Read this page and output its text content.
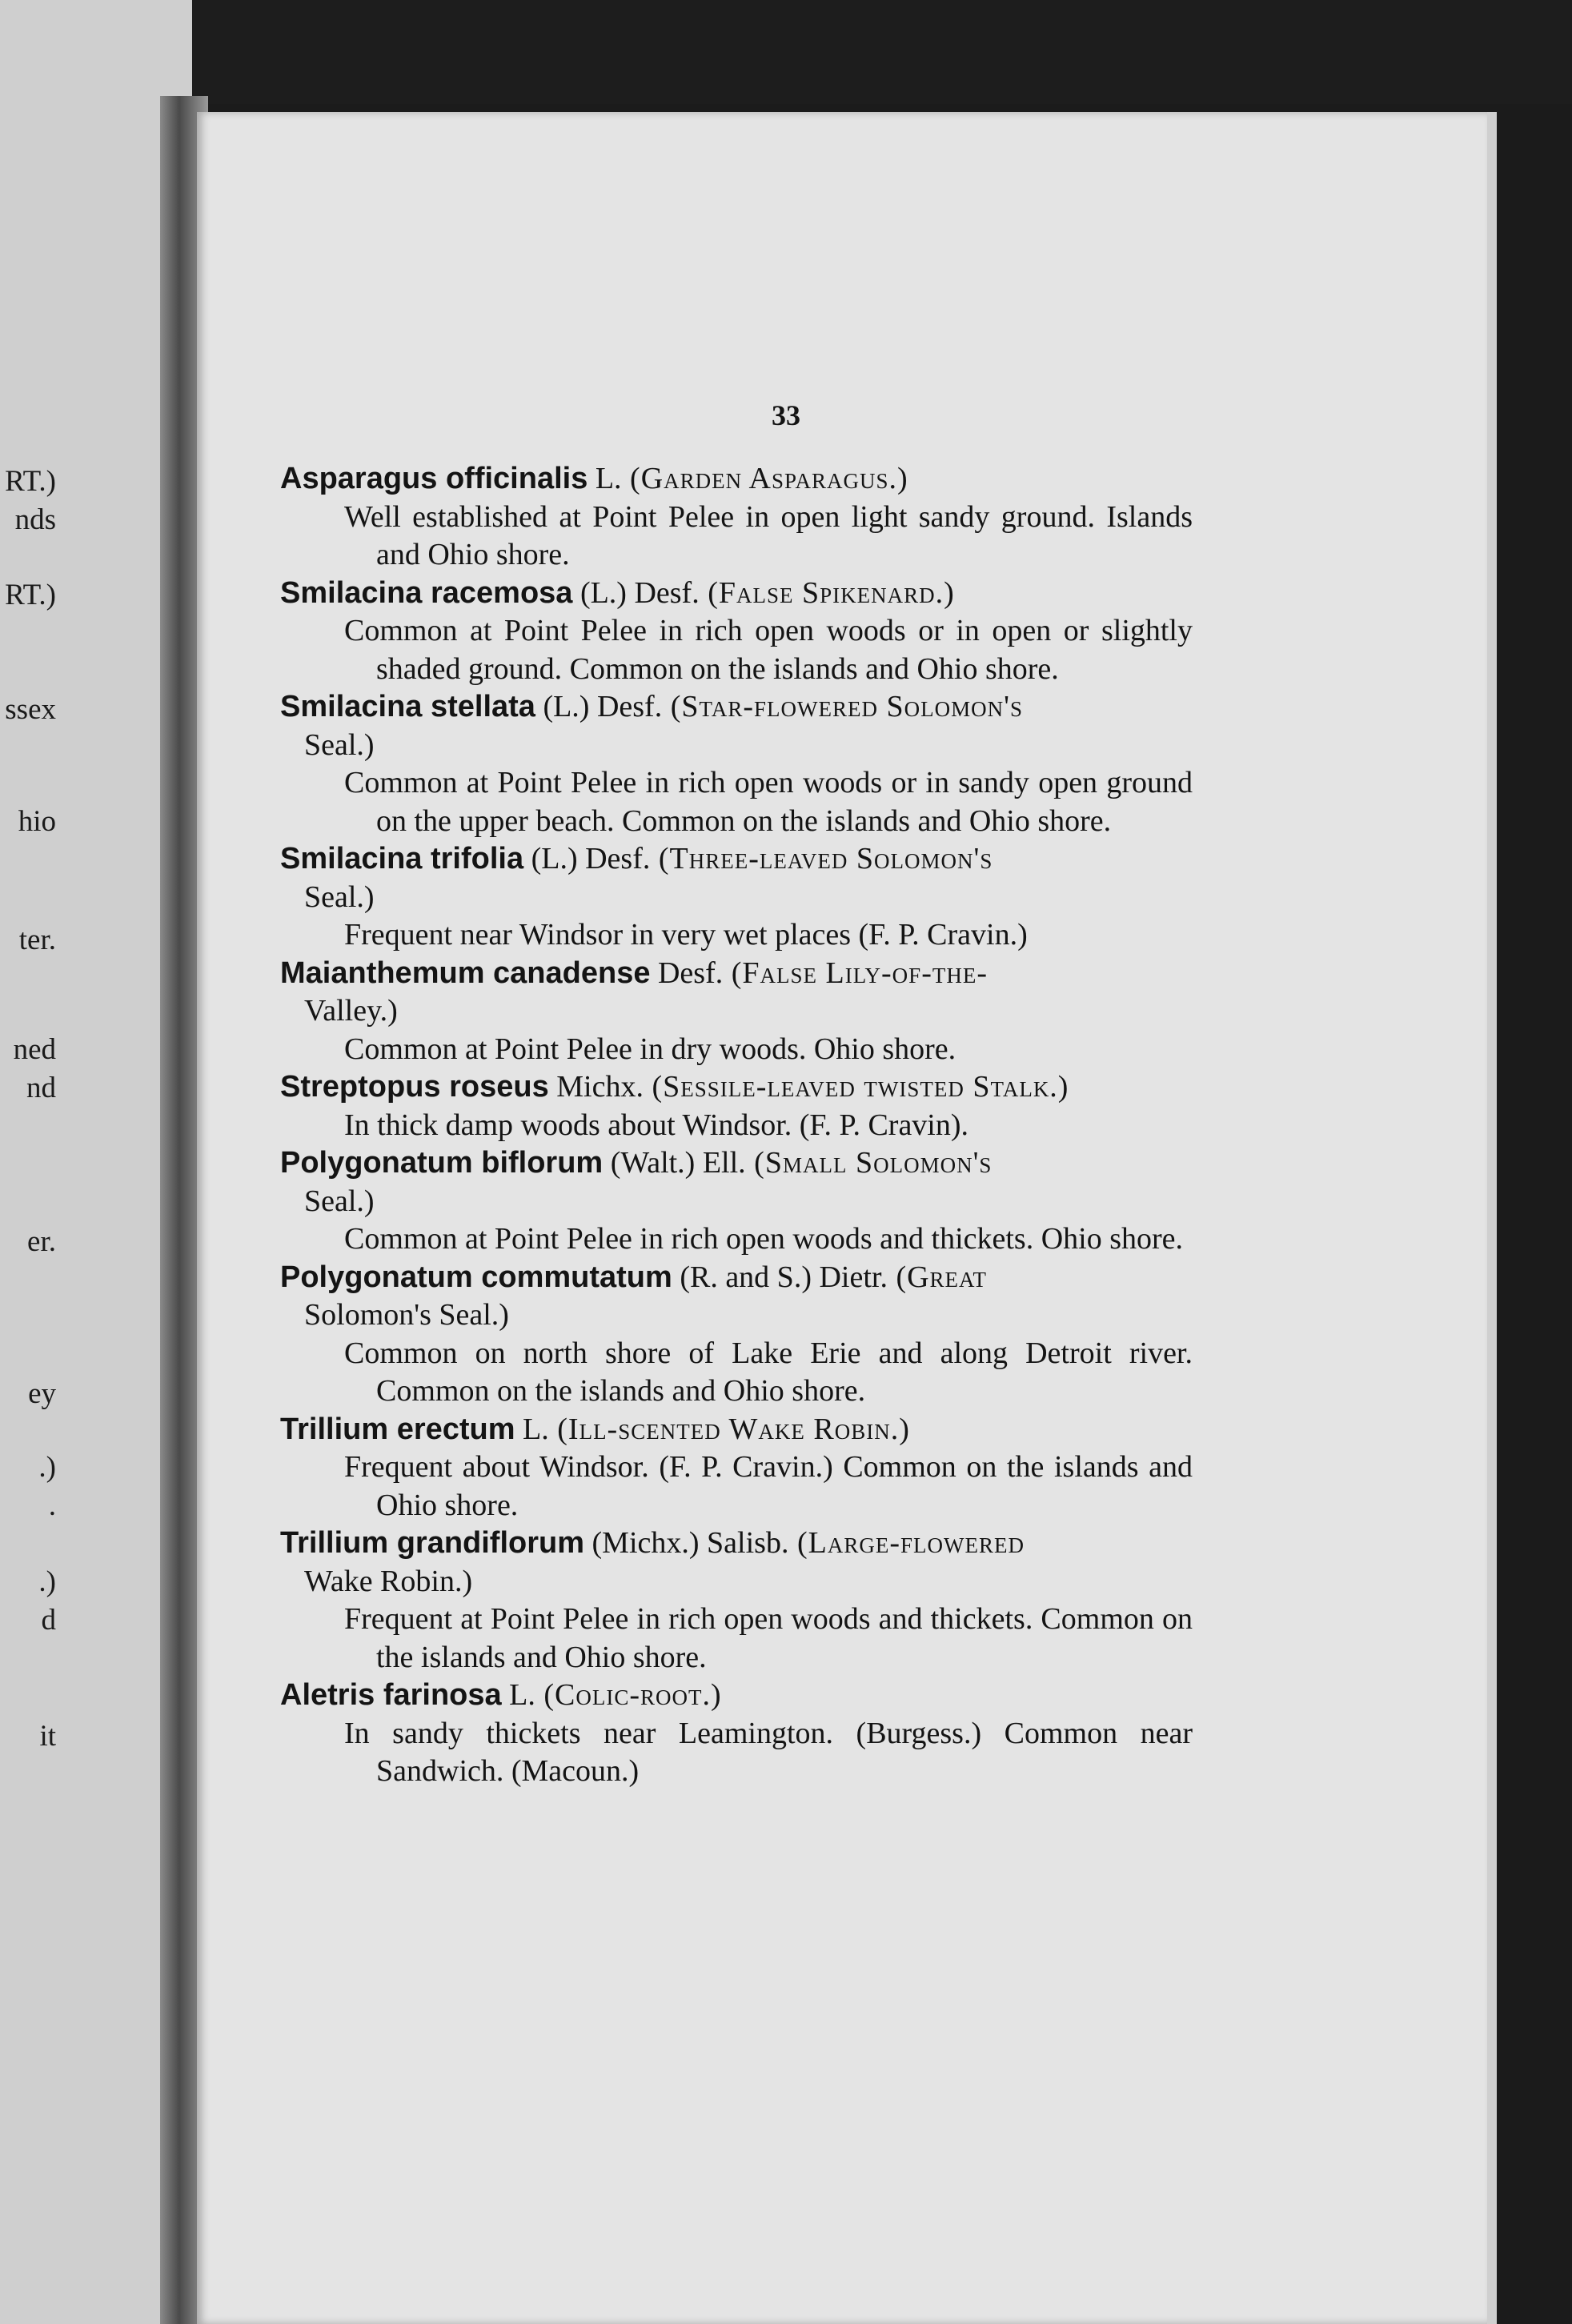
RT.)
nds
RT.)
ssex
hio
ter.
ned
nd
er.
ey
.)
.
.)
d
it
33
Asparagus officinalis L. (Garden Asparagus.)
Well established at Point Pelee in open light sandy ground. Islands and Ohio shore.
Smilacina racemosa (L.) Desf. (False Spikenard.)
Common at Point Pelee in rich open woods or in open or slightly shaded ground. Common on the islands and Ohio shore.
Smilacina stellata (L.) Desf. (Star-flowered Solomon's
Seal.)
Common at Point Pelee in rich open woods or in sandy open ground on the upper beach. Common on the islands and Ohio shore.
Smilacina trifolia (L.) Desf. (Three-leaved Solomon's
Seal.)
Frequent near Windsor in very wet places (F. P. Cravin.)
Maianthemum canadense Desf. (False Lily-of-the-
Valley.)
Common at Point Pelee in dry woods. Ohio shore.
Streptopus roseus Michx. (Sessile-leaved twisted Stalk.)
In thick damp woods about Windsor. (F. P. Cravin).
Polygonatum biflorum (Walt.) Ell. (Small Solomon's
Seal.)
Common at Point Pelee in rich open woods and thickets. Ohio shore.
Polygonatum commutatum (R. and S.) Dietr. (Great
Solomon's Seal.)
Common on north shore of Lake Erie and along Detroit river. Common on the islands and Ohio shore.
Trillium erectum L. (Ill-scented Wake Robin.)
Frequent about Windsor. (F. P. Cravin.) Common on the islands and Ohio shore.
Trillium grandiflorum (Michx.) Salisb. (Large-flowered
Wake Robin.)
Frequent at Point Pelee in rich open woods and thickets. Common on the islands and Ohio shore.
Aletris farinosa L. (Colic-root.)
In sandy thickets near Leamington. (Burgess.) Common near Sandwich. (Macoun.)
